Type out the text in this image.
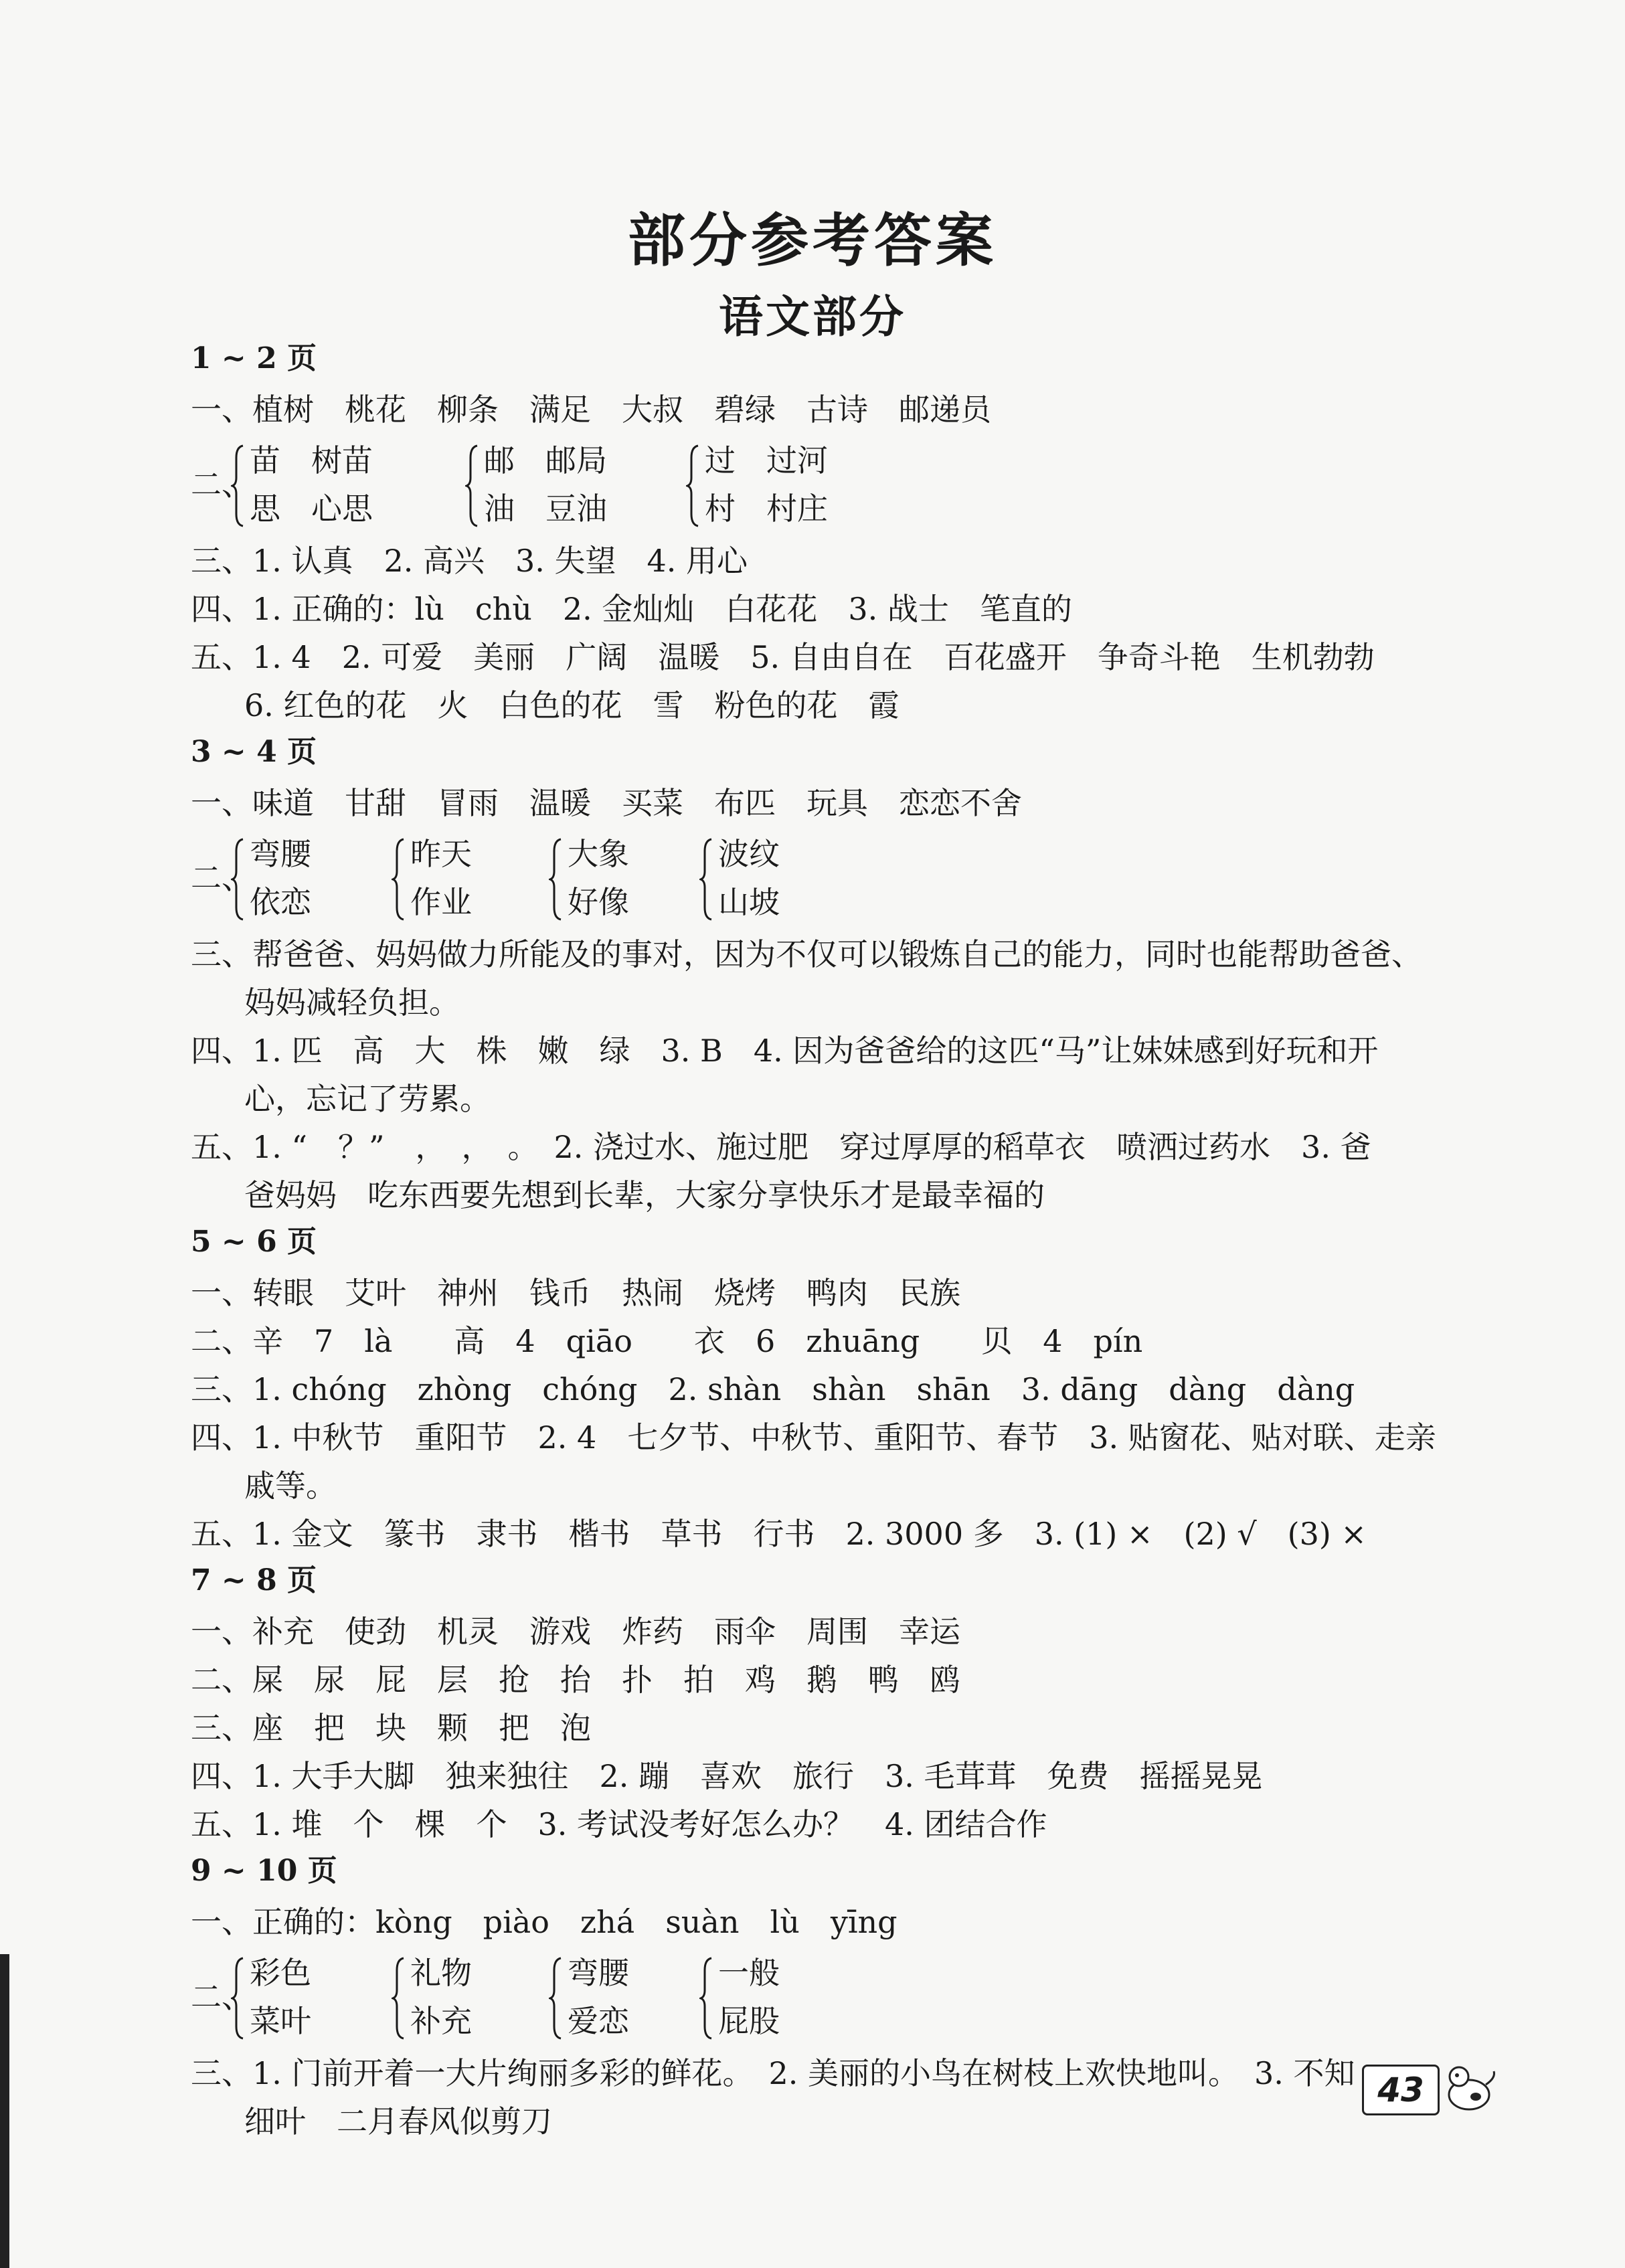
部分参考答案
语文部分
1 ~ 2 页
一、植树　桃花　柳条　满足　大叔　碧绿　古诗　邮递员
二、
苗　树苗
思　心思
邮　邮局
油　豆油
过　过河
村　村庄
三、1. 认真　2. 高兴　3. 失望　4. 用心
四、1. 正确的：lù　chù　2. 金灿灿　白花花　3. 战士　笔直的
五、1. 4　2. 可爱　美丽　广阔　温暖　5. 自由自在　百花盛开　争奇斗艳　生机勃勃
6. 红色的花　火　白色的花　雪　粉色的花　霞
3 ~ 4 页
一、味道　甘甜　冒雨　温暖　买菜　布匹　玩具　恋恋不舍
二、
弯腰
依恋
昨天
作业
大象
好像
波纹
山坡
三、帮爸爸、妈妈做力所能及的事对，因为不仅可以锻炼自己的能力，同时也能帮助爸爸、
妈妈减轻负担。
四、1. 匹　高　大　株　嫩　绿　3. B　4. 因为爸爸给的这匹“马”让妹妹感到好玩和开
心，忘记了劳累。
五、1. “　？”　，　，　。　2. 浇过水、施过肥　穿过厚厚的稻草衣　喷洒过药水　3. 爸
爸妈妈　吃东西要先想到长辈，大家分享快乐才是最幸福的
5 ~ 6 页
一、转眼　艾叶　神州　钱币　热闹　烧烤　鸭肉　民族
二、辛　7　là　　高　4　qiāo　　衣　6　zhuāng　　贝　4　pín
三、1. chóng　zhòng　chóng　2. shàn　shàn　shān　3. dāng　dàng　dàng
四、1. 中秋节　重阳节　2. 4　七夕节、中秋节、重阳节、春节　3. 贴窗花、贴对联、走亲
戚等。
五、1. 金文　篆书　隶书　楷书　草书　行书　2. 3000 多　3. (1) ×　(2) √　(3) ×
7 ~ 8 页
一、补充　使劲　机灵　游戏　炸药　雨伞　周围　幸运
二、屎　尿　屁　层　抢　抬　扑　拍　鸡　鹅　鸭　鸥
三、座　把　块　颗　把　泡
四、1. 大手大脚　独来独往　2. 蹦　喜欢　旅行　3. 毛茸茸　免费　摇摇晃晃
五、1. 堆　个　棵　个　3. 考试没考好怎么办？　4. 团结合作
9 ~ 10 页
一、正确的：kòng　piào　zhá　suàn　lù　yīng
二、
彩色
菜叶
礼物
补充
弯腰
爱恋
一般
屁股
三、1. 门前开着一大片绚丽多彩的鲜花。　2. 美丽的小鸟在树枝上欢快地叫。　3. 不知
细叶　二月春风似剪刀
43
